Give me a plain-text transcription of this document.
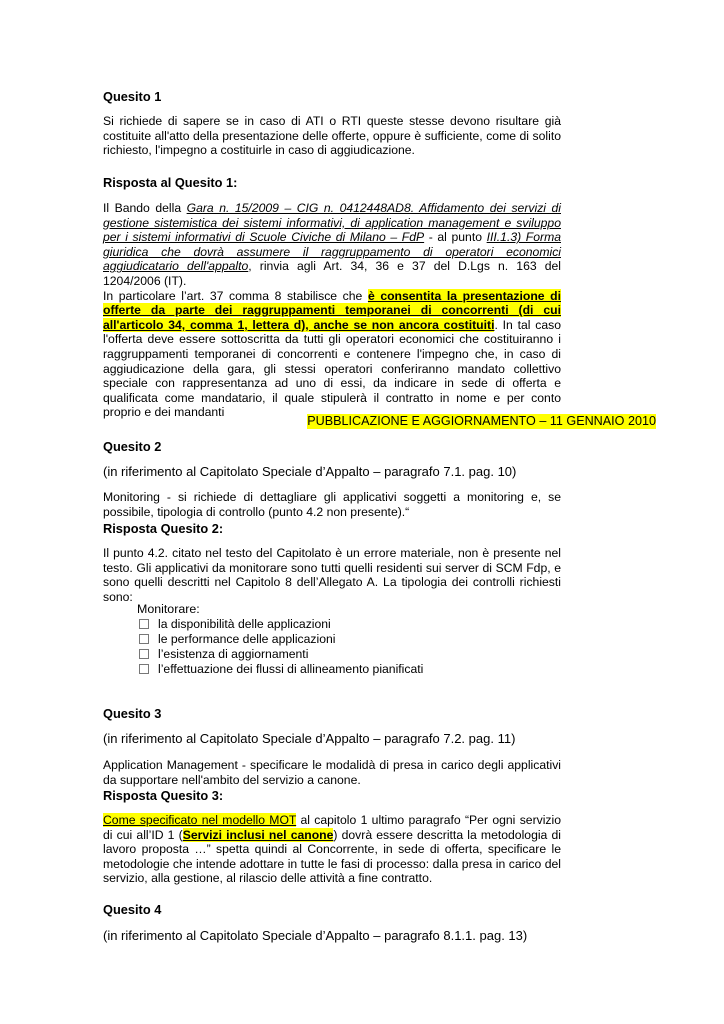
Quesito 1
Si richiede di sapere se in caso di ATI o RTI queste stesse devono risultare già
costituite all'atto della presentazione delle offerte, oppure è sufficiente, come di solito
richiesto, l'impegno a costituirle in caso di aggiudicazione.
Risposta al Quesito 1:
Il Bando della Gara n. 15/2009 – CIG n. 0412448AD8. Affidamento dei servizi di
gestione sistemistica dei sistemi informativi, di application management e sviluppo
per i sistemi informativi di Scuole Civiche di Milano – FdP - al punto III.1.3) Forma
giuridica che dovrà assumere il raggruppamento di operatori economici
aggiudicatario dell'appalto, rinvia agli Art. 34, 36 e 37 del D.Lgs n. 163 del
1204/2006 (IT).
In particolare l’art. 37 comma 8 stabilisce che è consentita la presentazione di
offerte da parte dei raggruppamenti temporanei di concorrenti (di cui
all'articolo 34, comma 1, lettera d), anche se non ancora costituiti. In tal caso
l'offerta deve essere sottoscritta da tutti gli operatori economici che costituiranno i
raggruppamenti temporanei di concorrenti e contenere l'impegno che, in caso di
aggiudicazione della gara, gli stessi operatori conferiranno mandato collettivo
speciale con rappresentanza ad uno di essi, da indicare in sede di offerta e
qualificata come mandatario, il quale stipulerà il contratto in nome e per conto
proprio e dei mandanti
PUBBLICAZIONE E AGGIORNAMENTO – 11 GENNAIO 2010
Quesito 2
(in riferimento al Capitolato Speciale d’Appalto – paragrafo 7.1. pag. 10)
Monitoring - si richiede di dettagliare gli applicativi soggetti a monitoring e, se
possibile, tipologia di controllo (punto 4.2 non presente).“
Risposta Quesito 2:
Il punto 4.2. citato nel testo del Capitolato è un errore materiale, non è presente nel
testo. Gli applicativi da monitorare sono tutti quelli residenti sui server di SCM Fdp, e
sono quelli descritti nel Capitolo 8 dell’Allegato A. La tipologia dei controlli richiesti
sono:
Monitorare:
la disponibilità delle applicazioni
le performance delle applicazioni
l’esistenza di aggiornamenti
l’effettuazione dei flussi di allineamento pianificati
Quesito 3
(in riferimento al Capitolato Speciale d’Appalto – paragrafo 7.2. pag. 11)
Application Management - specificare le modalidà di presa in carico degli applicativi
da supportare nell'ambito del servizio a canone.
Risposta Quesito 3:
Come specificato nel modello MOT al capitolo 1 ultimo paragrafo “Per ogni servizio
di cui all’ID 1 (Servizi inclusi nel canone) dovrà essere descritta la metodologia di
lavoro proposta …” spetta quindi al Concorrente, in sede di offerta, specificare le
metodologie che intende adottare in tutte le fasi di processo: dalla presa in carico del
servizio, alla gestione, al rilascio delle attività a fine contratto.
Quesito 4
(in riferimento al Capitolato Speciale d’Appalto – paragrafo 8.1.1. pag. 13)
